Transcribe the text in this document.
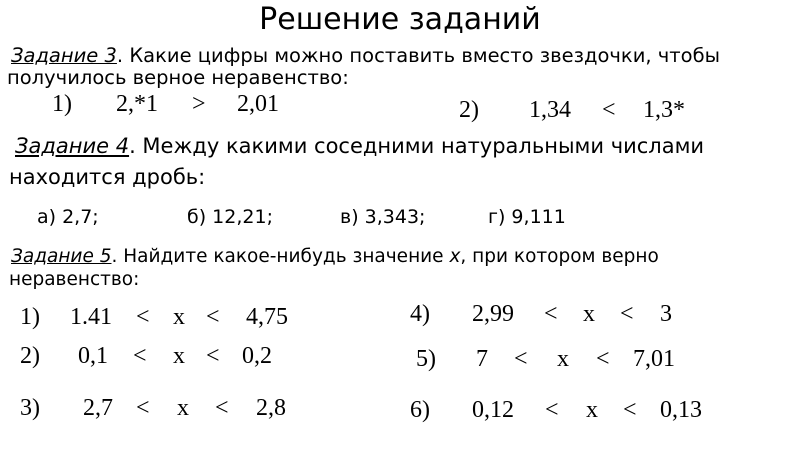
Решение заданий
Задание 3. Какие цифры можно поставить вместо звездочки, чтобы
получилось верное неравенство:
1) 2,*1 > 2,01	2) 1,34 < 1,3*
Задание 4. Между какими соседними натуральными числами
находится дробь:
а) 2,7;	б) 12,21;	в) 3,343;	г) 9,111
Задание 5. Найдите какое-нибудь значение х, при котором верно
неравенство:
1) 1.41 < x < 4,75
2) 0,1 < x < 0,2
3) 2,7 < x < 2,8
4) 2,99 < x < 3
5) 7 < x < 7,01
6) 0,12 < x < 0,13
